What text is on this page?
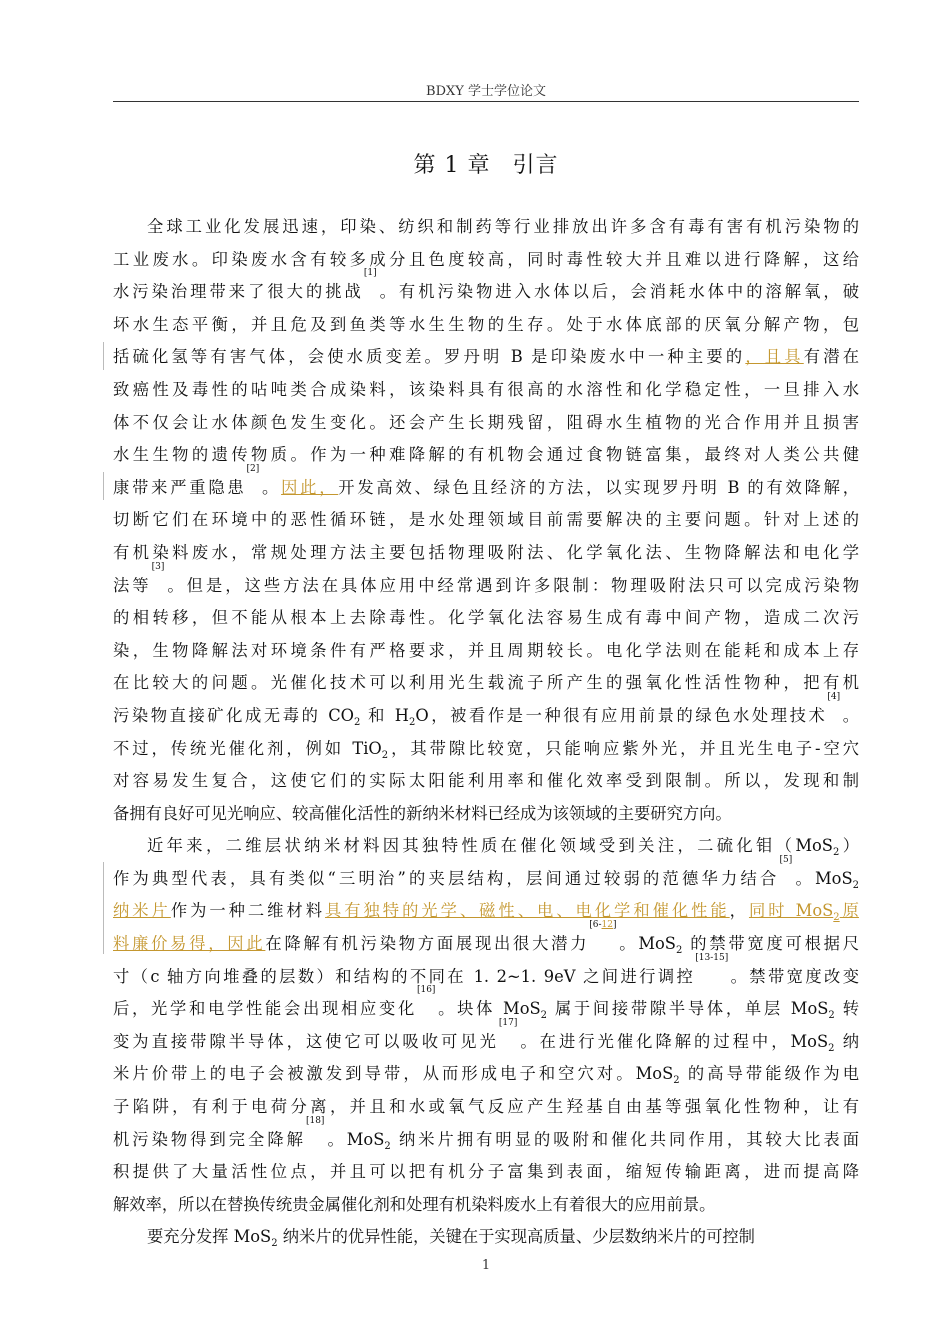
BDXY 学士学位论文
第 1 章 引言
全球工业化发展迅速，印染、纺织和制药等行业排放出许多含有毒有害有机污染物的
工业废水。印染废水含有较多成分且色度较高，同时毒性较大并且难以进行降解，这给
水污染治理带来了很大的挑战[1]。有机污染物进入水体以后，会消耗水体中的溶解氧，破
坏水生态平衡，并且危及到鱼类等水生生物的生存。处于水体底部的厌氧分解产物，包
括硫化氢等有害气体，会使水质变差。罗丹明 B 是印染废水中一种主要的，且具有潜在
致癌性及毒性的呫吨类合成染料，该染料具有很高的水溶性和化学稳定性，一旦排入水
体不仅会让水体颜色发生变化。还会产生长期残留，阻碍水生植物的光合作用并且损害
水生生物的遗传物质。作为一种难降解的有机物会通过食物链富集，最终对人类公共健
康带来严重隐患[2]。因此，开发高效、绿色且经济的方法，以实现罗丹明 B 的有效降解，
切断它们在环境中的恶性循环链，是水处理领域目前需要解决的主要问题。针对上述的
有机染料废水，常规处理方法主要包括物理吸附法、化学氧化法、生物降解法和电化学
法等[3]。但是，这些方法在具体应用中经常遇到许多限制：物理吸附法只可以完成污染物
的相转移，但不能从根本上去除毒性。化学氧化法容易生成有毒中间产物，造成二次污
染，生物降解法对环境条件有严格要求，并且周期较长。电化学法则在能耗和成本上存
在比较大的问题。光催化技术可以利用光生载流子所产生的强氧化性活性物种，把有机
污染物直接矿化成无毒的 $CO_2$ 和 $H_2O$，被看作是一种很有应用前景的绿色水处理技术[4]。
不过，传统光催化剂，例如 TiO$_2$，其带隙比较宽，只能响应紫外光，并且光生电子-空穴
对容易发生复合，这使它们的实际太阳能利用率和催化效率受到限制。所以，发现和制
备拥有良好可见光响应、较高催化活性的新纳米材料已经成为该领域的主要研究方向。
近年来，二维层状纳米材料因其独特性质在催化领域受到关注，二硫化钼（MoS$_2$）
作为典型代表，具有类似“三明治”的夹层结构，层间通过较弱的范德华力结合[5]。MoS$_2$
纳米片作为一种二维材料具有独特的光学、磁性、电、电化学和催化性能，同时 MoS$_2$原
料廉价易得，因此在降解有机污染物方面展现出很大潜力[6-12]。MoS$_2$ 的禁带宽度可根据尺
寸（c 轴方向堆叠的层数）和结构的不同在 1. 2~1. 9eV 之间进行调控[13-15]。禁带宽度改变
后，光学和电学性能会出现相应变化[16]。块体 MoS$_2$ 属于间接带隙半导体，单层 MoS$_2$ 转
变为直接带隙半导体，这使它可以吸收可见光[17]。在进行光催化降解的过程中，MoS$_2$ 纳
米片价带上的电子会被激发到导带，从而形成电子和空穴对。MoS$_2$ 的高导带能级作为电
子陷阱，有利于电荷分离，并且和水或氧气反应产生羟基自由基等强氧化性物种，让有
机污染物得到完全降解[18]。MoS$_2$ 纳米片拥有明显的吸附和催化共同作用，其较大比表面
积提供了大量活性位点，并且可以把有机分子富集到表面，缩短传输距离，进而提高降
解效率，所以在替换传统贵金属催化剂和处理有机染料废水上有着很大的应用前景。
要充分发挥 MoS$_2$ 纳米片的优异性能，关键在于实现高质量、少层数纳米片的可控制
1
